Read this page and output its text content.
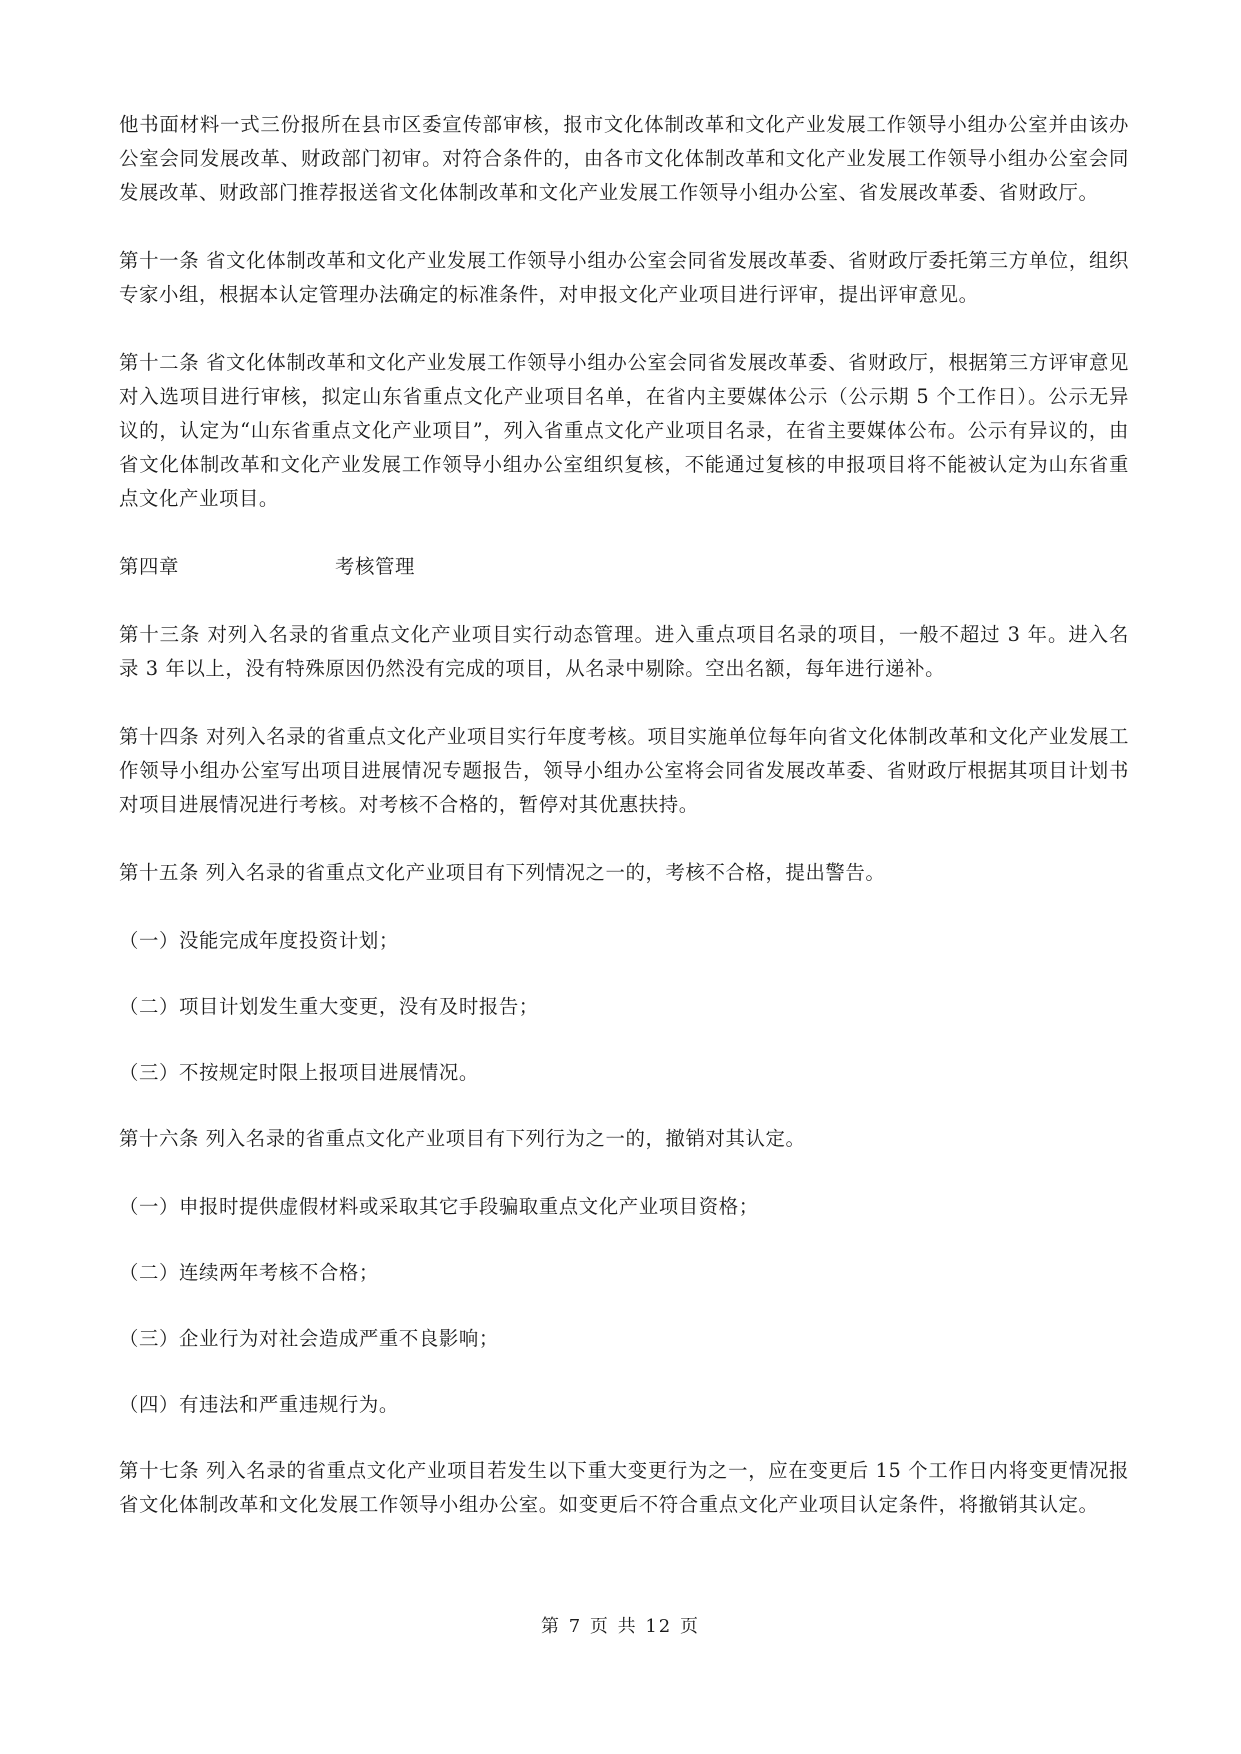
他书面材料一式三份报所在县市区委宣传部审核，报市文化体制改革和文化产业发展工作领导小组办公室并由该办公室会同发展改革、财政部门初审。对符合条件的，由各市文化体制改革和文化产业发展工作领导小组办公室会同发展改革、财政部门推荐报送省文化体制改革和文化产业发展工作领导小组办公室、省发展改革委、省财政厅。

第十一条 省文化体制改革和文化产业发展工作领导小组办公室会同省发展改革委、省财政厅委托第三方单位，组织专家小组，根据本认定管理办法确定的标准条件，对申报文化产业项目进行评审，提出评审意见。

第十二条 省文化体制改革和文化产业发展工作领导小组办公室会同省发展改革委、省财政厅，根据第三方评审意见对入选项目进行审核，拟定山东省重点文化产业项目名单，在省内主要媒体公示（公示期 5 个工作日）。公示无异议的，认定为“山东省重点文化产业项目”，列入省重点文化产业项目名录，在省主要媒体公布。公示有异议的，由省文化体制改革和文化产业发展工作领导小组办公室组织复核，不能通过复核的申报项目将不能被认定为山东省重点文化产业项目。

第四章	考核管理

第十三条 对列入名录的省重点文化产业项目实行动态管理。进入重点项目名录的项目，一般不超过 3 年。进入名录 3 年以上，没有特殊原因仍然没有完成的项目，从名录中剔除。空出名额，每年进行递补。

第十四条 对列入名录的省重点文化产业项目实行年度考核。项目实施单位每年向省文化体制改革和文化产业发展工作领导小组办公室写出项目进展情况专题报告，领导小组办公室将会同省发展改革委、省财政厅根据其项目计划书对项目进展情况进行考核。对考核不合格的，暂停对其优惠扶持。

第十五条 列入名录的省重点文化产业项目有下列情况之一的，考核不合格，提出警告。

（一）没能完成年度投资计划；

（二）项目计划发生重大变更，没有及时报告；

（三）不按规定时限上报项目进展情况。

第十六条 列入名录的省重点文化产业项目有下列行为之一的，撤销对其认定。

（一）申报时提供虚假材料或采取其它手段骗取重点文化产业项目资格；

（二）连续两年考核不合格；

（三）企业行为对社会造成严重不良影响；

（四）有违法和严重违规行为。

第十七条 列入名录的省重点文化产业项目若发生以下重大变更行为之一，应在变更后 15 个工作日内将变更情况报省文化体制改革和文化发展工作领导小组办公室。如变更后不符合重点文化产业项目认定条件，将撤销其认定。

第 7 页 共 12 页
